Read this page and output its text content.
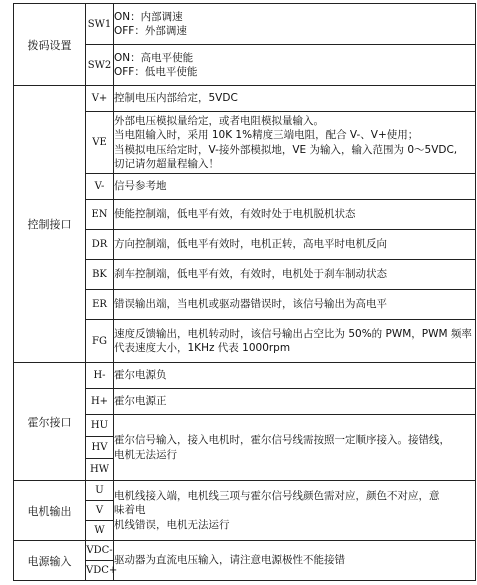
拨码设置	SW1	ON：内部调速
OFF：外部调速

	SW2	ON：高电平使能
OFF：低电平使能

控制接口	V+	控制电压内部给定，5VDC

	VE	外部电压模拟量给定，或者电阻模拟量输入。
当电阻输入时，采用 10K 1%精度三端电阻，配合 V-、V+使用；
当模拟电压给定时，V-接外部模拟地，VE 为输入，输入范围为 0～5VDC,
切记请勿超量程输入！

	V-	信号参考地

	EN	使能控制端，低电平有效，有效时处于电机脱机状态

	DR	方向控制端，低电平有效时，电机正转，高电平时电机反向

	BK	刹车控制端，低电平有效，有效时，电机处于刹车制动状态

	ER	错误输出端，当电机或驱动器错误时，该信号输出为高电平

	FG	速度反馈输出，电机转动时，该信号输出占空比为 50%的 PWM，PWM 频率
代表速度大小，1KHz 代表 1000rpm

霍尔接口	H-	霍尔电源负

	H+	霍尔电源正

	HU	霍尔信号输入，接入电机时，霍尔信号线需按照一定顺序接入。接错线，
电机无法运行

	HV	
	HW	
电机输出	U	电机线接入端，电机线三项与霍尔信号线颜色需对应，颜色不对应，意
味着电
机线错误，电机无法运行

	V	
	W	
电源输入	VDC-	驱动器为直流电压输入，请注意电源极性不能接错

	VDC+	
